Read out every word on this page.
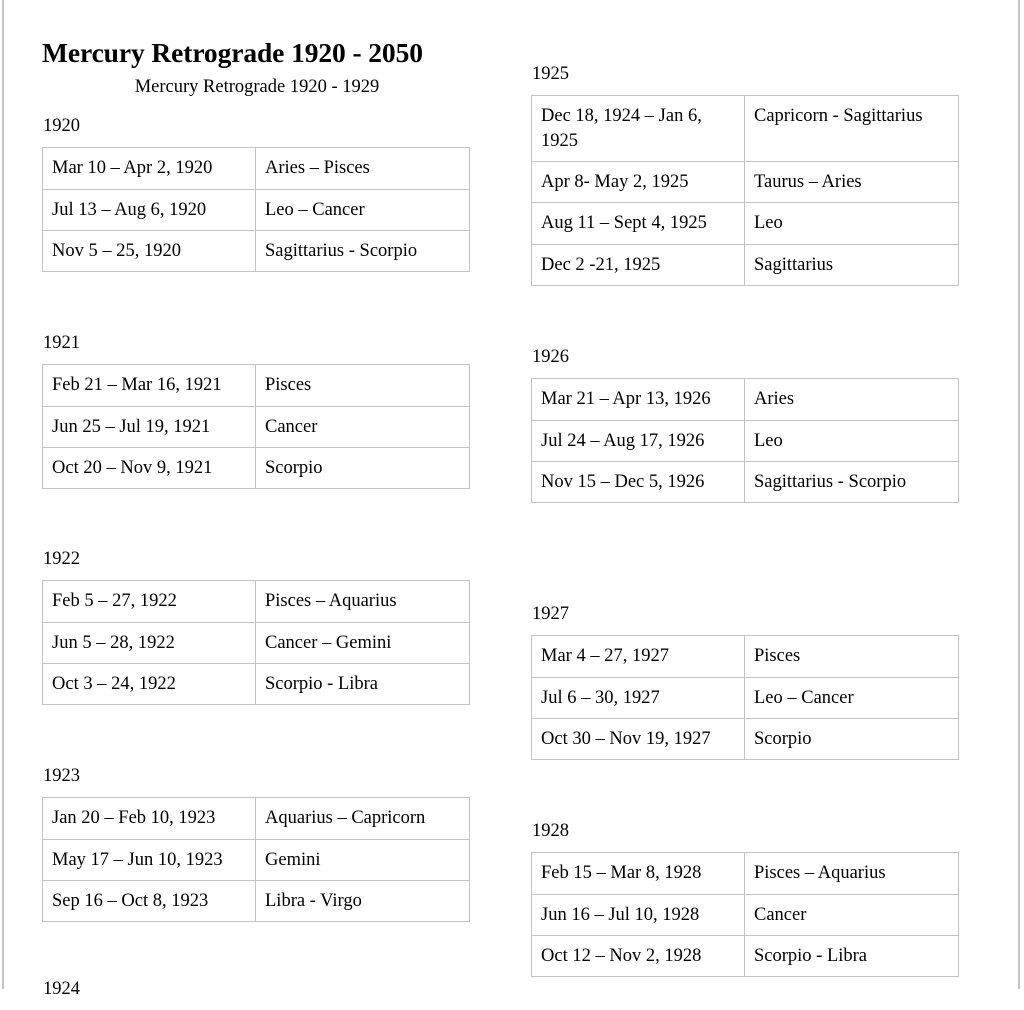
Mercury Retrograde 1920 - 2050
Mercury Retrograde 1920 - 1929
1920
Mar 10 – Apr 2, 1920	Aries – Pisces
Jul 13 – Aug 6, 1920	Leo – Cancer
Nov 5 – 25, 1920	Sagittarius - Scorpio
1921
Feb 21 – Mar 16, 1921	Pisces
Jun 25 – Jul 19, 1921	Cancer
Oct 20 – Nov 9, 1921	Scorpio
1922
Feb 5 – 27, 1922	Pisces – Aquarius
Jun 5 – 28, 1922	Cancer – Gemini
Oct 3 – 24, 1922	Scorpio - Libra
1923
Jan 20 – Feb 10, 1923	Aquarius – Capricorn
May 17 – Jun 10, 1923	Gemini
Sep 16 – Oct 8, 1923	Libra - Virgo
1924
1925
Dec 18, 1924 – Jan 6, 1925	Capricorn - Sagittarius
Apr 8- May 2, 1925	Taurus – Aries
Aug 11 – Sept 4, 1925	Leo
Dec 2 -21, 1925	Sagittarius
1926
Mar 21 – Apr 13, 1926	Aries
Jul 24 – Aug 17, 1926	Leo
Nov 15 – Dec 5, 1926	Sagittarius - Scorpio
1927
Mar 4 – 27, 1927	Pisces
Jul 6 – 30, 1927	Leo – Cancer
Oct 30 – Nov 19, 1927	Scorpio
1928
Feb 15 – Mar 8, 1928	Pisces – Aquarius
Jun 16 – Jul 10, 1928	Cancer
Oct 12 – Nov 2, 1928	Scorpio - Libra
